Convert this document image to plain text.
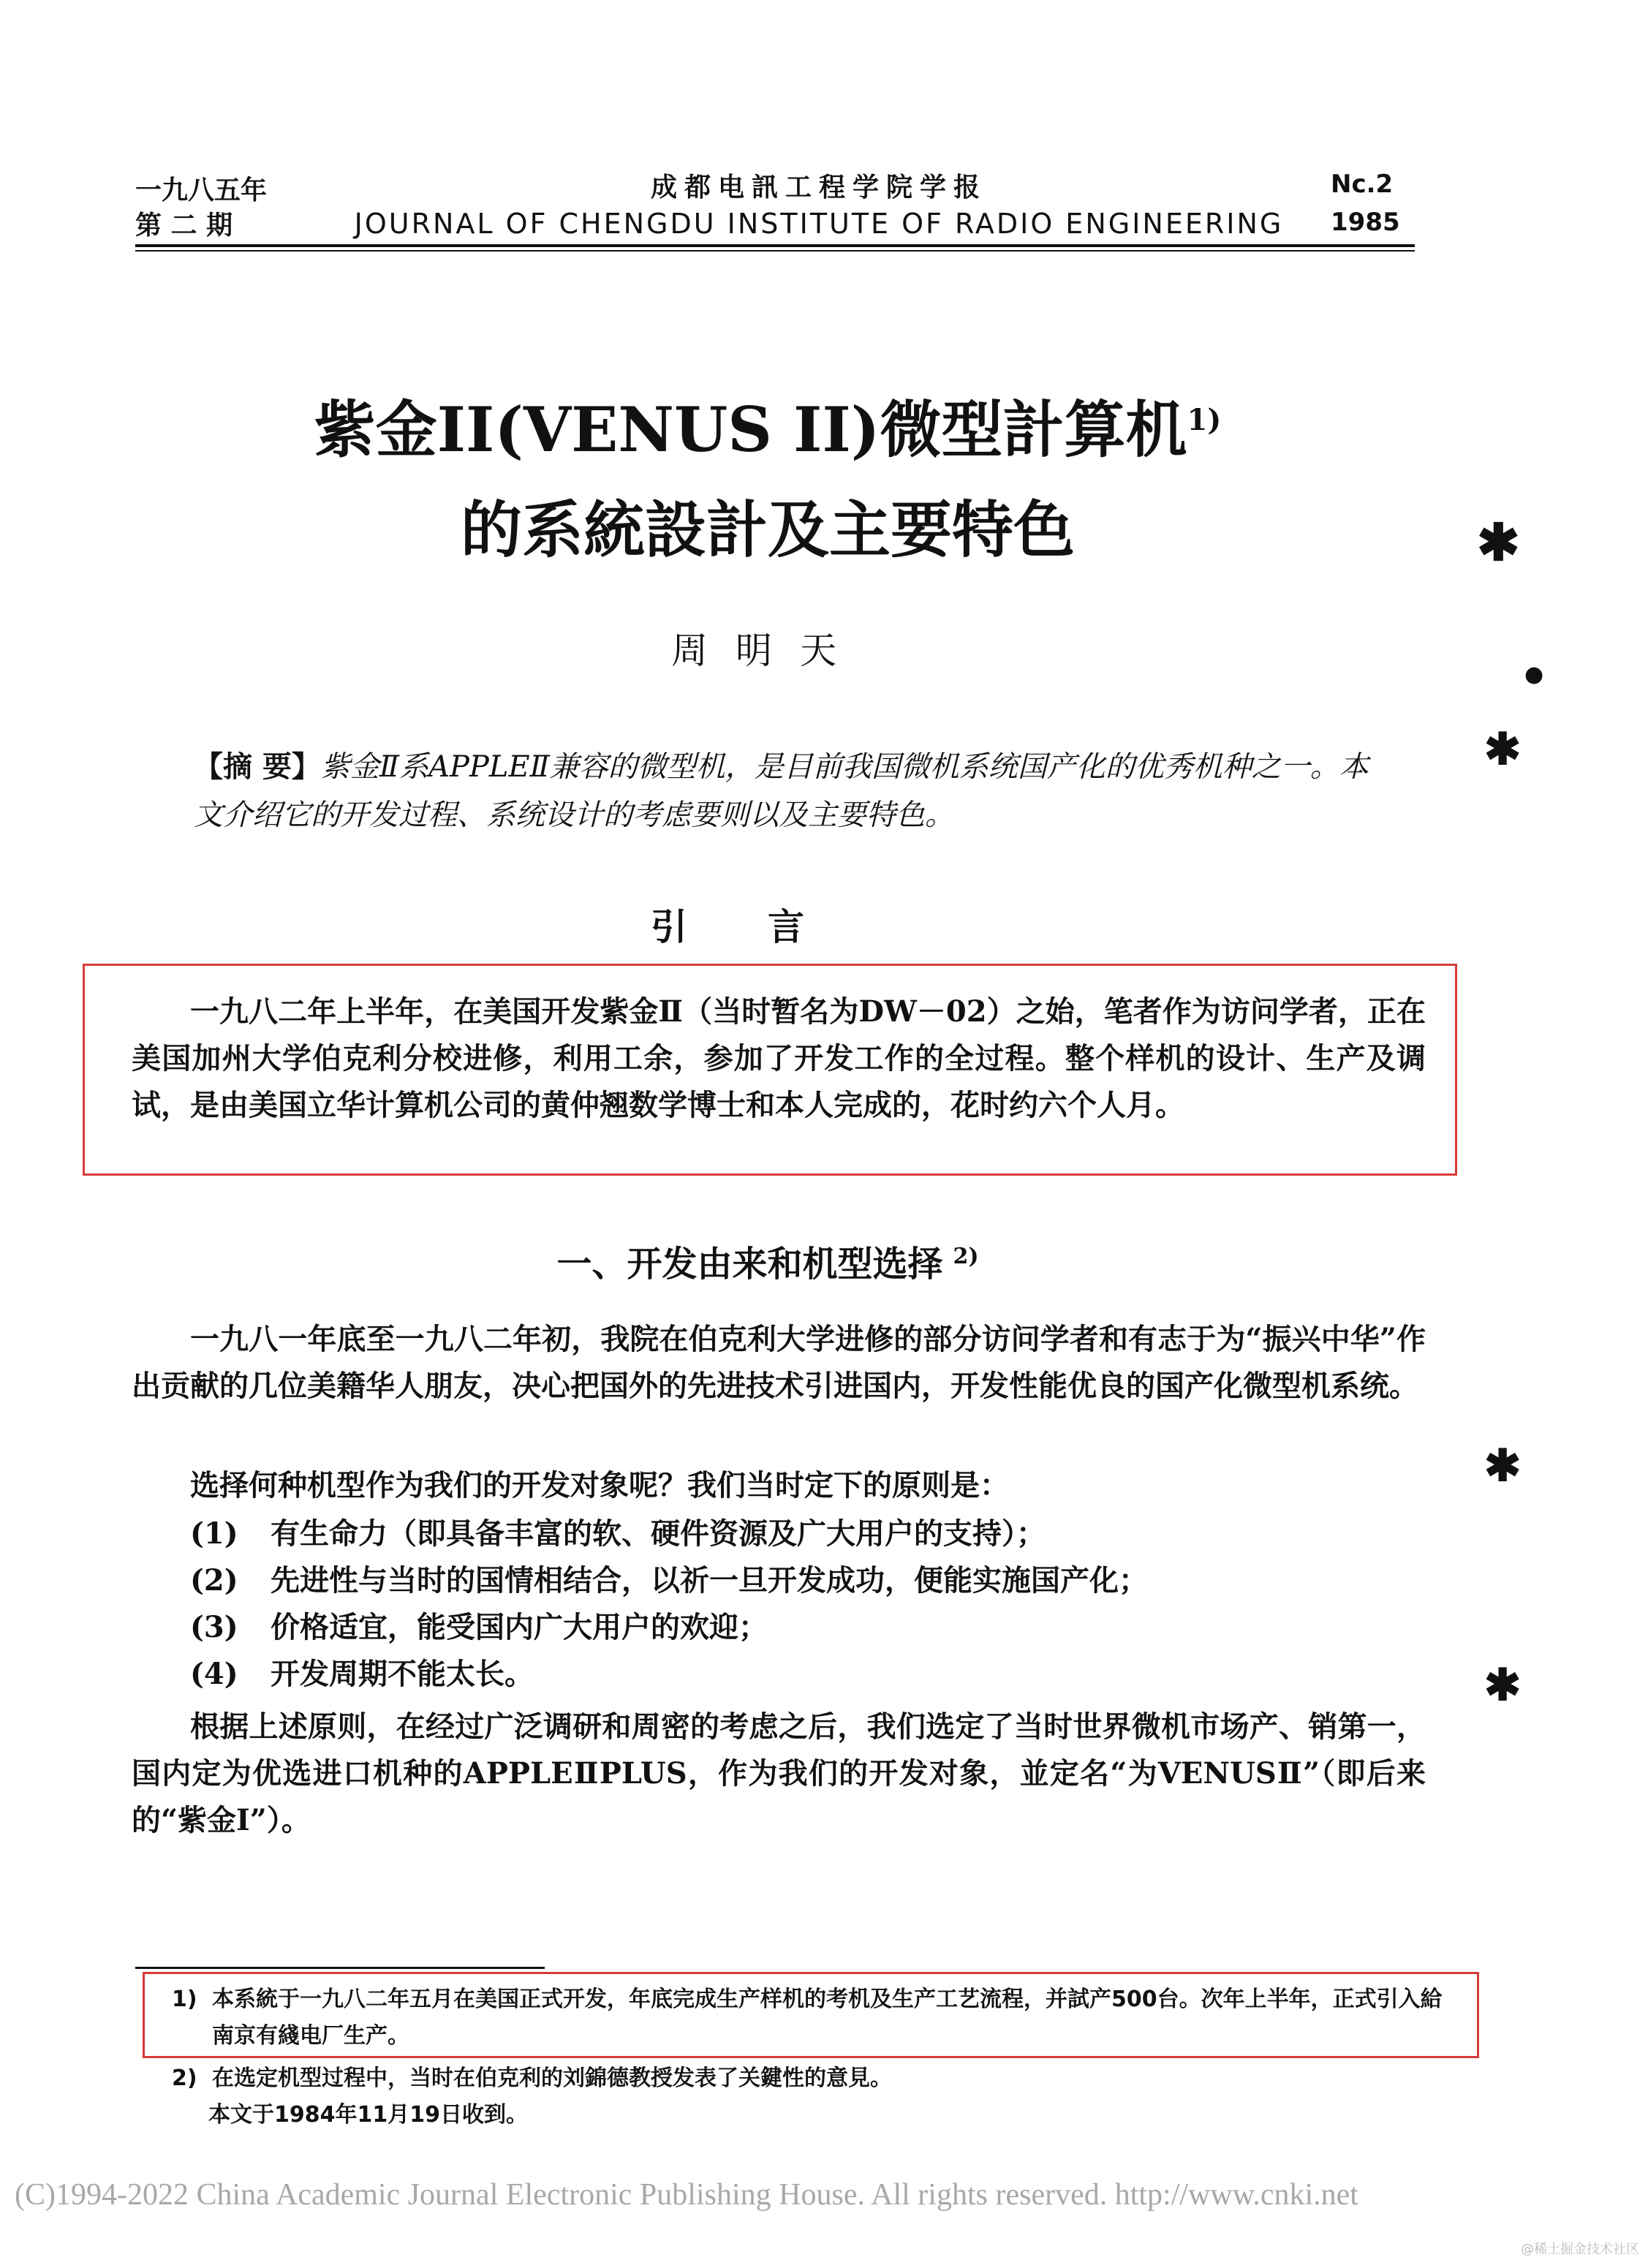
一九八五年
第 二 期
成都电訊工程学院学报
JOURNAL OF CHENGDU INSTITUTE OF RADIO ENGINEERING
Nc.2
1985
紫金II(VENUS II)微型計算机$^{1)}$
的系統設計及主要特色
周明天
【摘 要】紫金Ⅱ系APPLEⅡ兼容的微型机，是目前我国微机系统国产化的优秀机种之一。本文介绍它的开发过程、系统设计的考虑要则以及主要特色。
引言
一九八二年上半年，在美国开发紫金Ⅱ（当时暂名为DW－02）之始，笔者作为访问学者，正在美国加州大学伯克利分校进修，利用工余，参加了开发工作的全过程。整个样机的设计、生产及调试，是由美国立华计算机公司的黄仲翘数学博士和本人完成的，花时约六个人月。
一、开发由来和机型选择 $^{2)}$
一九八一年底至一九八二年初，我院在伯克利大学进修的部分访问学者和有志于为“振兴中华”作出贡献的几位美籍华人朋友，决心把国外的先进技术引进国内，开发性能优良的国产化微型机系统。
选择何种机型作为我们的开发对象呢？我们当时定下的原则是：
(1)	有生命力（即具备丰富的软、硬件资源及广大用户的支持）；
(2)	先进性与当时的国情相结合，以祈一旦开发成功，便能实施国产化；
(3)	价格适宜，能受国内广大用户的欢迎；
(4)	开发周期不能太长。
根据上述原则，在经过广泛调研和周密的考虑之后，我们选定了当时世界微机市场产、销第一，国内定为优选进口机种的APPLEⅡPLUS，作为我们的开发对象，並定名“为VENUSⅡ”（即后来的“紫金Ⅰ”）。
1) 本系統于一九八二年五月在美国正式开发，年底完成生产样机的考机及生产工艺流程，并試产500台。次年上半年，正式引入給南京有綫电厂生产。
2) 在选定机型过程中，当时在伯克利的刘錦德教授发表了关鍵性的意見。
本文于1984年11月19日收到。
(C)1994-2022 China Academic Journal Electronic Publishing House. All rights reserved. http://www.cnki.net
@稀土掘金技术社区
✱
●
✱
✱
✱
